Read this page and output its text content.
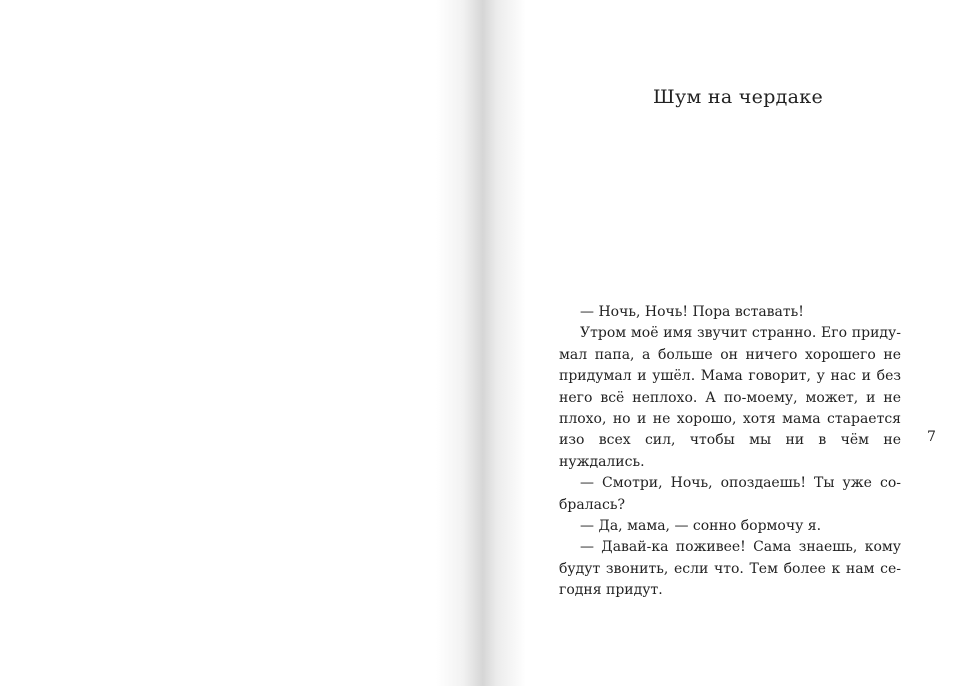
Шум на чердаке

— Ночь, Ночь! Пора вставать!

Утром моё имя звучит странно. Его придумал папа, а больше он ничего хорошего не придумал и ушёл. Мама говорит, у нас и без него всё неплохо. А по-моему, может, и не плохо, но и не хорошо, хотя мама старается изо всех сил, чтобы мы ни в чём не нуждались.

— Смотри, Ночь, опоздаешь! Ты уже собралась?

— Да, мама, — сонно бормочу я.

— Давай-ка поживее! Сама знаешь, кому будут звонить, если что. Тем более к нам сегодня придут.

7
